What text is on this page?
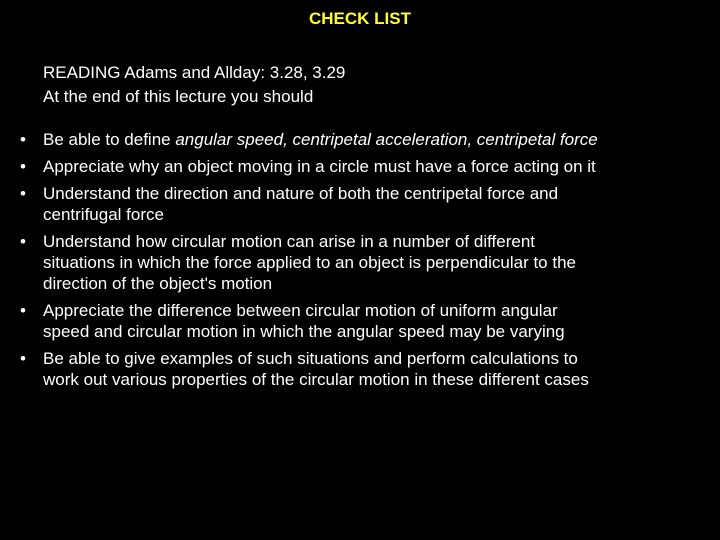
CHECK LIST
READING Adams and Allday: 3.28, 3.29
At the end of this lecture you should
•	Be able to define angular speed, centripetal acceleration, centripetal force
•	Appreciate why an object moving in a circle must have a force acting on it
•	Understand the direction and nature of both the centripetal force and
centrifugal force
•	Understand how circular motion can arise in a number of different
situations in which the force applied to an object is perpendicular to the
direction of the object's motion
•	Appreciate the difference between circular motion of uniform angular
speed and circular motion in which the angular speed may be varying
•	Be able to give examples of such situations and perform calculations to
work out various properties of the circular motion in these different cases
